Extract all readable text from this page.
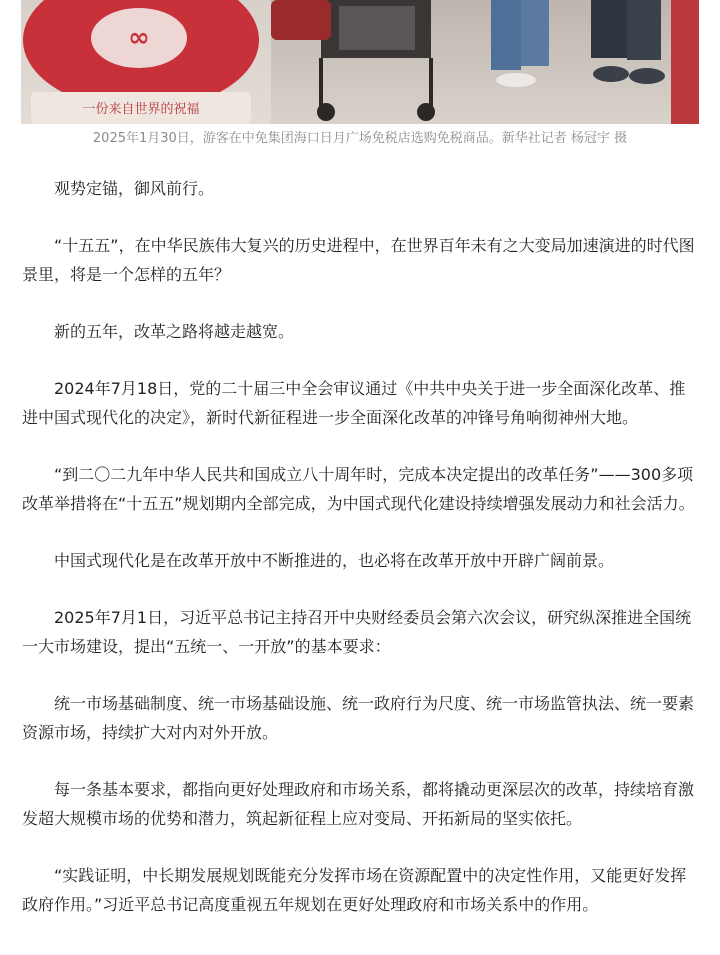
∞
一份来自世界的祝福
2025年1月30日，游客在中免集团海口日月广场免税店选购免税商品。新华社记者 杨冠宇 摄

观势定锚，御风前行。

“十五五”，在中华民族伟大复兴的历史进程中，在世界百年未有之大变局加速演进的时代图景里，将是一个怎样的五年？

新的五年，改革之路将越走越宽。

2024年7月18日，党的二十届三中全会审议通过《中共中央关于进一步全面深化改革、推进中国式现代化的决定》，新时代新征程进一步全面深化改革的冲锋号角响彻神州大地。

“到二〇二九年中华人民共和国成立八十周年时，完成本决定提出的改革任务”——300多项改革举措将在“十五五”规划期内全部完成，为中国式现代化建设持续增强发展动力和社会活力。

中国式现代化是在改革开放中不断推进的，也必将在改革开放中开辟广阔前景。

2025年7月1日，习近平总书记主持召开中央财经委员会第六次会议，研究纵深推进全国统一大市场建设，提出“五统一、一开放”的基本要求：

统一市场基础制度、统一市场基础设施、统一政府行为尺度、统一市场监管执法、统一要素资源市场，持续扩大对内对外开放。

每一条基本要求，都指向更好处理政府和市场关系，都将撬动更深层次的改革，持续培育激发超大规模市场的优势和潜力，筑起新征程上应对变局、开拓新局的坚实依托。

“实践证明，中长期发展规划既能充分发挥市场在资源配置中的决定性作用，又能更好发挥政府作用。”习近平总书记高度重视五年规划在更好处理政府和市场关系中的作用。
